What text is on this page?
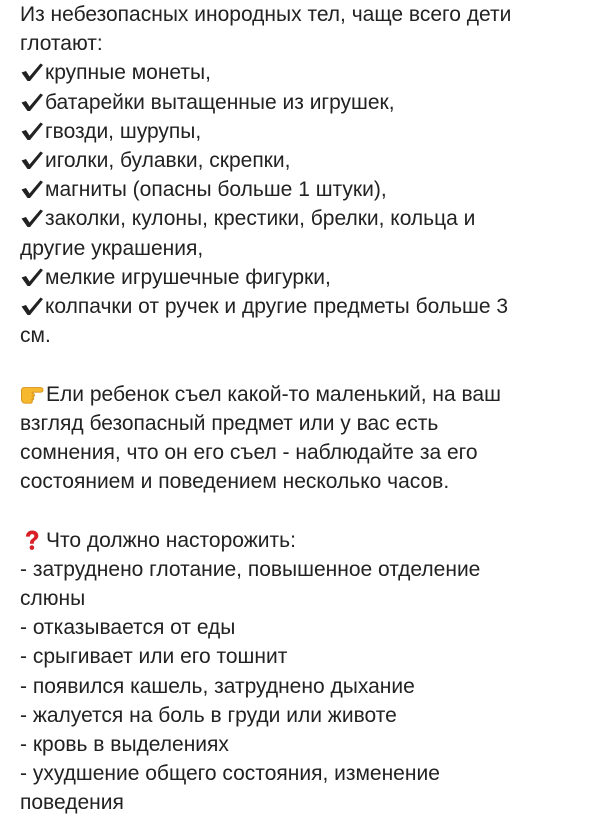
Из небезопасных инородных тел, чаще всего дети
глотают:
крупные монеты,
батарейки вытащенные из игрушек,
гвозди, шурупы,
иголки, булавки, скрепки,
магниты (опасны больше 1 штуки),
заколки, кулоны, крестики, брелки, кольца и
другие украшения,
мелкие игрушечные фигурки,
колпачки от ручек и другие предметы больше 3
см.
Ели ребенок съел какой-то маленький, на ваш
взгляд безопасный предмет или у вас есть
сомнения, что он его съел - наблюдайте за его
состоянием и поведением несколько часов.
Что должно насторожить:
- затруднено глотание, повышенное отделение
слюны
- отказывается от еды
- срыгивает или его тошнит
- появился кашель, затруднено дыхание
- жалуется на боль в груди или животе
- кровь в выделениях
- ухудшение общего состояния, изменение
поведения
